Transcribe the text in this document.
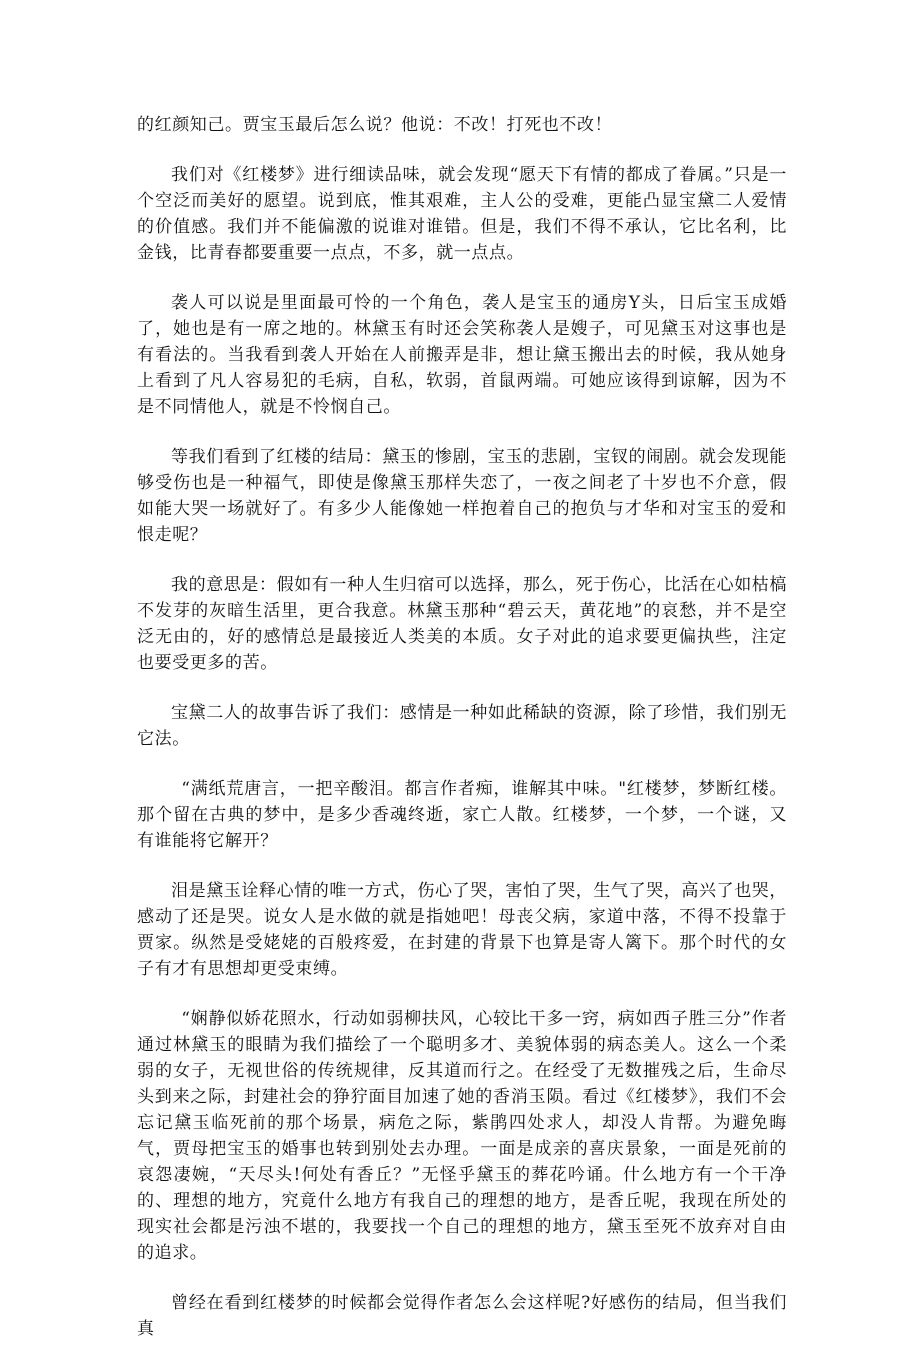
的红颜知己。贾宝玉最后怎么说？他说：不改！打死也不改！

我们对《红楼梦》进行细读品味，就会发现“愿天下有情的都成了眷属。”只是一个空泛而美好的愿望。说到底，惟其艰难，主人公的受难，更能凸显宝黛二人爱情的价值感。我们并不能偏激的说谁对谁错。但是，我们不得不承认，它比名利，比金钱，比青春都要重要一点点，不多，就一点点。

袭人可以说是里面最可怜的一个角色，袭人是宝玉的通房Y头，日后宝玉成婚了，她也是有一席之地的。林黛玉有时还会笑称袭人是嫂子，可见黛玉对这事也是有看法的。当我看到袭人开始在人前搬弄是非，想让黛玉搬出去的时候，我从她身上看到了凡人容易犯的毛病，自私，软弱，首鼠两端。可她应该得到谅解，因为不是不同情他人，就是不怜悯自己。

等我们看到了红楼的结局：黛玉的惨剧，宝玉的悲剧，宝钗的闹剧。就会发现能够受伤也是一种福气，即使是像黛玉那样失恋了，一夜之间老了十岁也不介意，假如能大哭一场就好了。有多少人能像她一样抱着自己的抱负与才华和对宝玉的爱和恨走呢？

我的意思是：假如有一种人生归宿可以选择，那么，死于伤心，比活在心如枯槁不发芽的灰暗生活里，更合我意。林黛玉那种“碧云天，黄花地”的哀愁，并不是空泛无由的，好的感情总是最接近人类美的本质。女子对此的追求要更偏执些，注定也要受更多的苦。

宝黛二人的故事告诉了我们：感情是一种如此稀缺的资源，除了珍惜，我们别无它法。

“满纸荒唐言，一把辛酸泪。都言作者痴，谁解其中味。"红楼梦，梦断红楼。那个留在古典的梦中，是多少香魂终逝，家亡人散。红楼梦，一个梦，一个谜，又有谁能将它解开？

泪是黛玉诠释心情的唯一方式，伤心了哭，害怕了哭，生气了哭，高兴了也哭，感动了还是哭。说女人是水做的就是指她吧！母丧父病，家道中落，不得不投靠于贾家。纵然是受姥姥的百般疼爱，在封建的背景下也算是寄人篱下。那个时代的女子有才有思想却更受束缚。

“娴静似娇花照水，行动如弱柳扶风，心较比干多一窍，病如西子胜三分”作者通过林黛玉的眼睛为我们描绘了一个聪明多才、美貌体弱的病态美人。这么一个柔弱的女子，无视世俗的传统规律，反其道而行之。在经受了无数摧残之后，生命尽头到来之际，封建社会的狰狞面目加速了她的香消玉陨。看过《红楼梦》，我们不会忘记黛玉临死前的那个场景，病危之际，紫鹃四处求人，却没人肯帮。为避免晦气，贾母把宝玉的婚事也转到别处去办理。一面是成亲的喜庆景象，一面是死前的哀怨凄婉，“天尽头!何处有香丘？”无怪乎黛玉的葬花吟诵。什么地方有一个干净的、理想的地方，究竟什么地方有我自己的理想的地方，是香丘呢，我现在所处的现实社会都是污浊不堪的，我要找一个自己的理想的地方，黛玉至死不放弃对自由的追求。

曾经在看到红楼梦的时候都会觉得作者怎么会这样呢?好感伤的结局，但当我们真
